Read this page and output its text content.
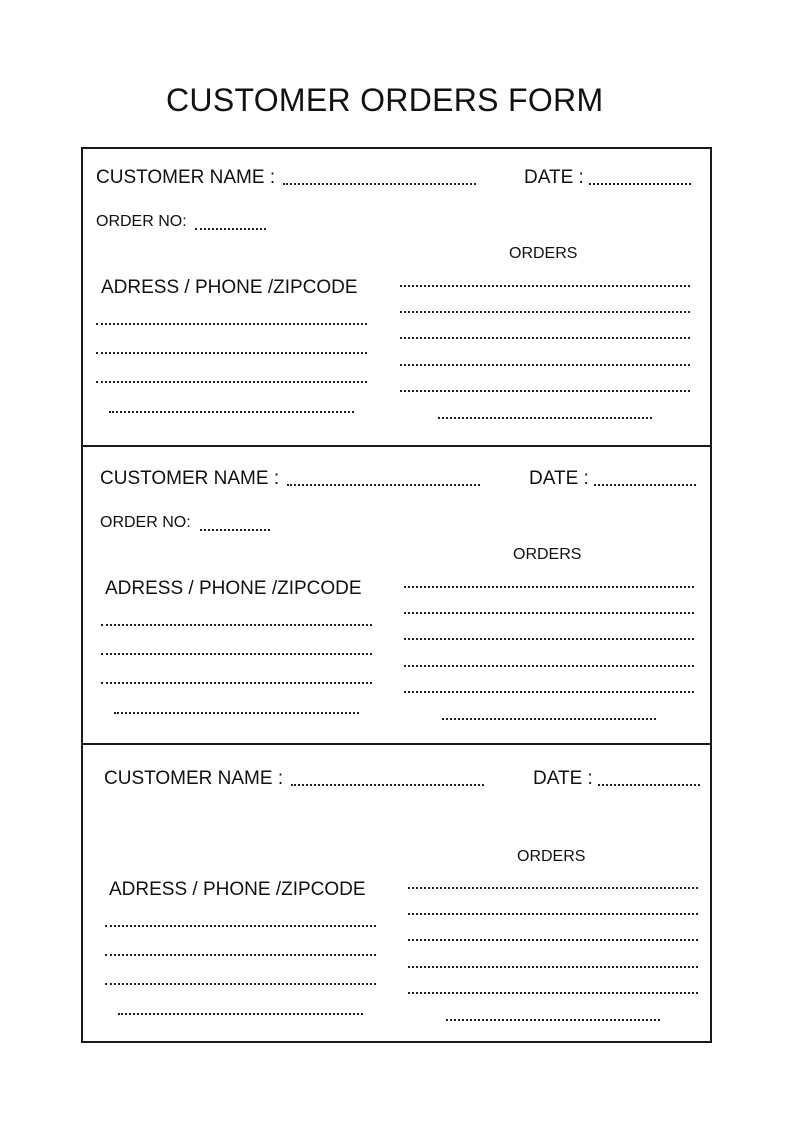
CUSTOMER ORDERS FORM
CUSTOMER NAME :	DATE :
ORDER NO:
ORDERS
ADRESS / PHONE /ZIPCODE
CUSTOMER NAME :	DATE :
ORDER NO:
ORDERS
ADRESS / PHONE /ZIPCODE
CUSTOMER NAME :	DATE :
ORDERS
ADRESS / PHONE /ZIPCODE
